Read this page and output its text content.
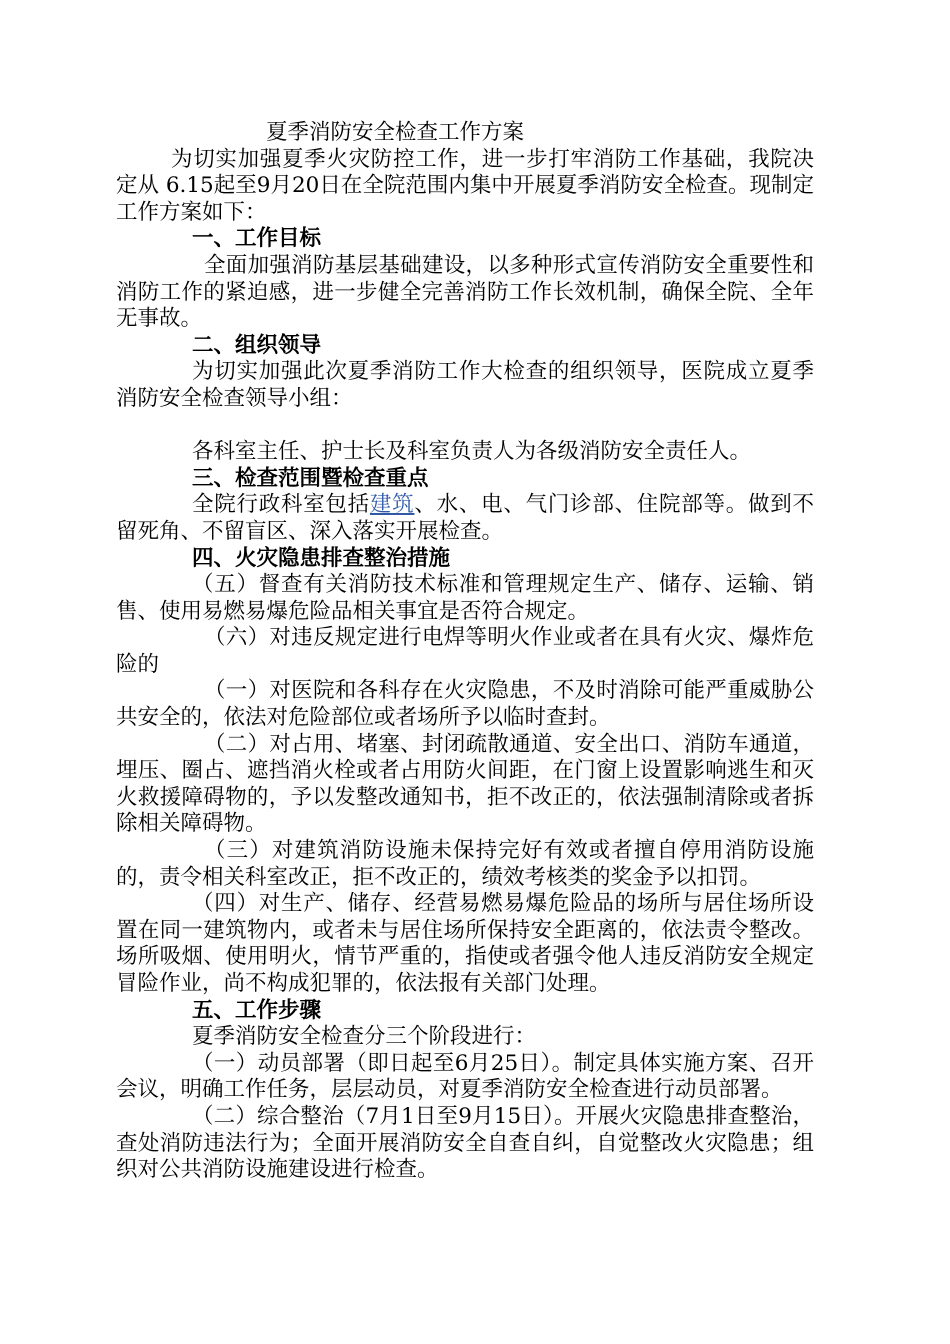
夏季消防安全检查工作方案

为切实加强夏季火灾防控工作，进一步打牢消防工作基础，我院决定从 6.15起至9月20日在全院范围内集中开展夏季消防安全检查。现制定工作方案如下：

一、工作目标

全面加强消防基层基础建设，以多种形式宣传消防安全重要性和消防工作的紧迫感，进一步健全完善消防工作长效机制，确保全院、全年无事故。

二、组织领导

为切实加强此次夏季消防工作大检查的组织领导，医院成立夏季消防安全检查领导小组：

各科室主任、护士长及科室负责人为各级消防安全责任人。

三、检查范围暨检查重点

全院行政科室包括建筑、水、电、气门诊部、住院部等。做到不留死角、不留盲区、深入落实开展检查。

四、火灾隐患排查整治措施

（五）督查有关消防技术标准和管理规定生产、储存、运输、销售、使用易燃易爆危险品相关事宜是否符合规定。

（六）对违反规定进行电焊等明火作业或者在具有火灾、爆炸危险的

（一）对医院和各科存在火灾隐患，不及时消除可能严重威胁公共安全的，依法对危险部位或者场所予以临时查封。

（二）对占用、堵塞、封闭疏散通道、安全出口、消防车通道，埋压、圈占、遮挡消火栓或者占用防火间距，在门窗上设置影响逃生和灭火救援障碍物的，予以发整改通知书，拒不改正的，依法强制清除或者拆除相关障碍物。

（三）对建筑消防设施未保持完好有效或者擅自停用消防设施的，责令相关科室改正，拒不改正的，绩效考核类的奖金予以扣罚。

（四）对生产、储存、经营易燃易爆危险品的场所与居住场所设置在同一建筑物内，或者未与居住场所保持安全距离的，依法责令整改。场所吸烟、使用明火，情节严重的，指使或者强令他人违反消防安全规定冒险作业，尚不构成犯罪的，依法报有关部门处理。

五、工作步骤

夏季消防安全检查分三个阶段进行：

（一）动员部署（即日起至6月25日）。制定具体实施方案、召开会议，明确工作任务，层层动员，对夏季消防安全检查进行动员部署。

（二）综合整治（7月1日至9月15日）。开展火灾隐患排查整治，查处消防违法行为；全面开展消防安全自查自纠，自觉整改火灾隐患；组织对公共消防设施建设进行检查。
